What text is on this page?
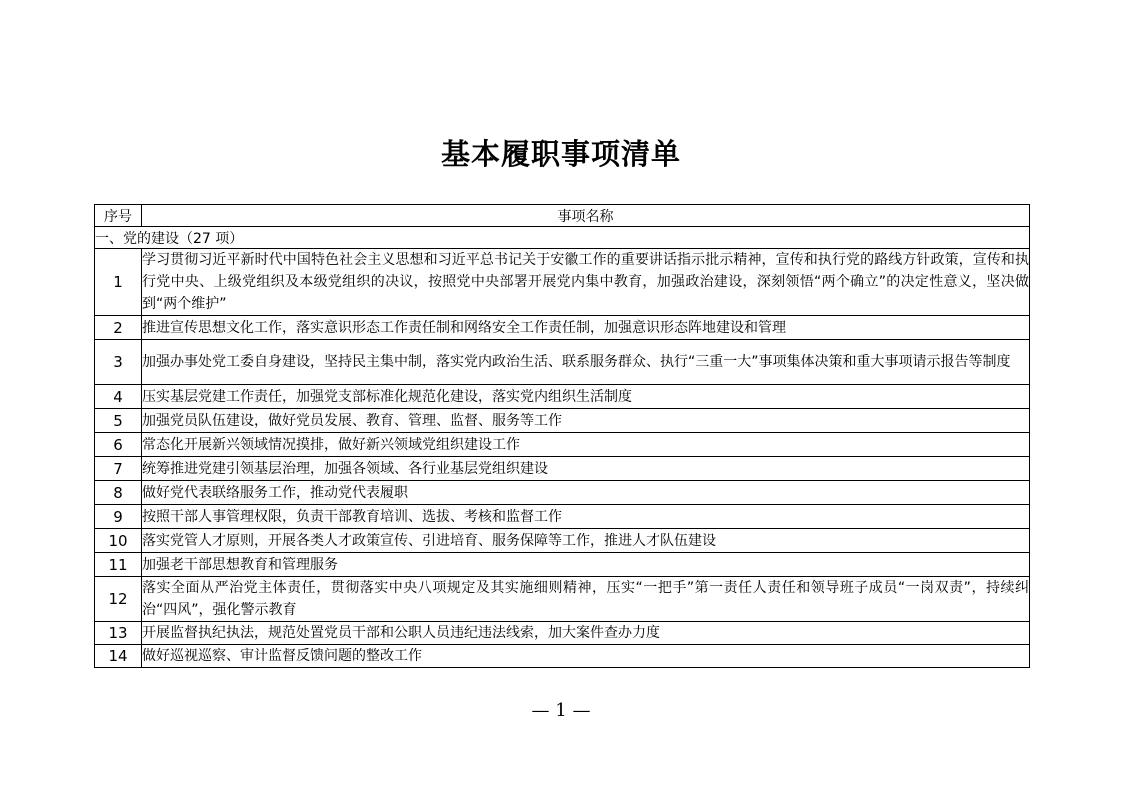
基本履职事项清单
序号	事项名称
一、党的建设（27 项）	
1	学习贯彻习近平新时代中国特色社会主义思想和习近平总书记关于安徽工作的重要讲话指示批示精神，宣传和执行党的路线方针政策，宣传和执行党中央、上级党组织及本级党组织的决议，按照党中央部署开展党内集中教育，加强政治建设，深刻领悟“两个确立”的决定性意义，坚决做到“两个维护”
2	推进宣传思想文化工作，落实意识形态工作责任制和网络安全工作责任制，加强意识形态阵地建设和管理
3	加强办事处党工委自身建设，坚持民主集中制，落实党内政治生活、联系服务群众、执行“三重一大”事项集体决策和重大事项请示报告等制度
4	压实基层党建工作责任，加强党支部标准化规范化建设，落实党内组织生活制度
5	加强党员队伍建设，做好党员发展、教育、管理、监督、服务等工作
6	常态化开展新兴领域情况摸排，做好新兴领域党组织建设工作
7	统筹推进党建引领基层治理，加强各领域、各行业基层党组织建设
8	做好党代表联络服务工作，推动党代表履职
9	按照干部人事管理权限，负责干部教育培训、选拔、考核和监督工作
10	落实党管人才原则，开展各类人才政策宣传、引进培育、服务保障等工作，推进人才队伍建设
11	加强老干部思想教育和管理服务
12	落实全面从严治党主体责任，贯彻落实中央八项规定及其实施细则精神，压实“一把手”第一责任人责任和领导班子成员“一岗双责”，持续纠治“四风”，强化警示教育
13	开展监督执纪执法，规范处置党员干部和公职人员违纪违法线索，加大案件查办力度
14	做好巡视巡察、审计监督反馈问题的整改工作
— 1 —
